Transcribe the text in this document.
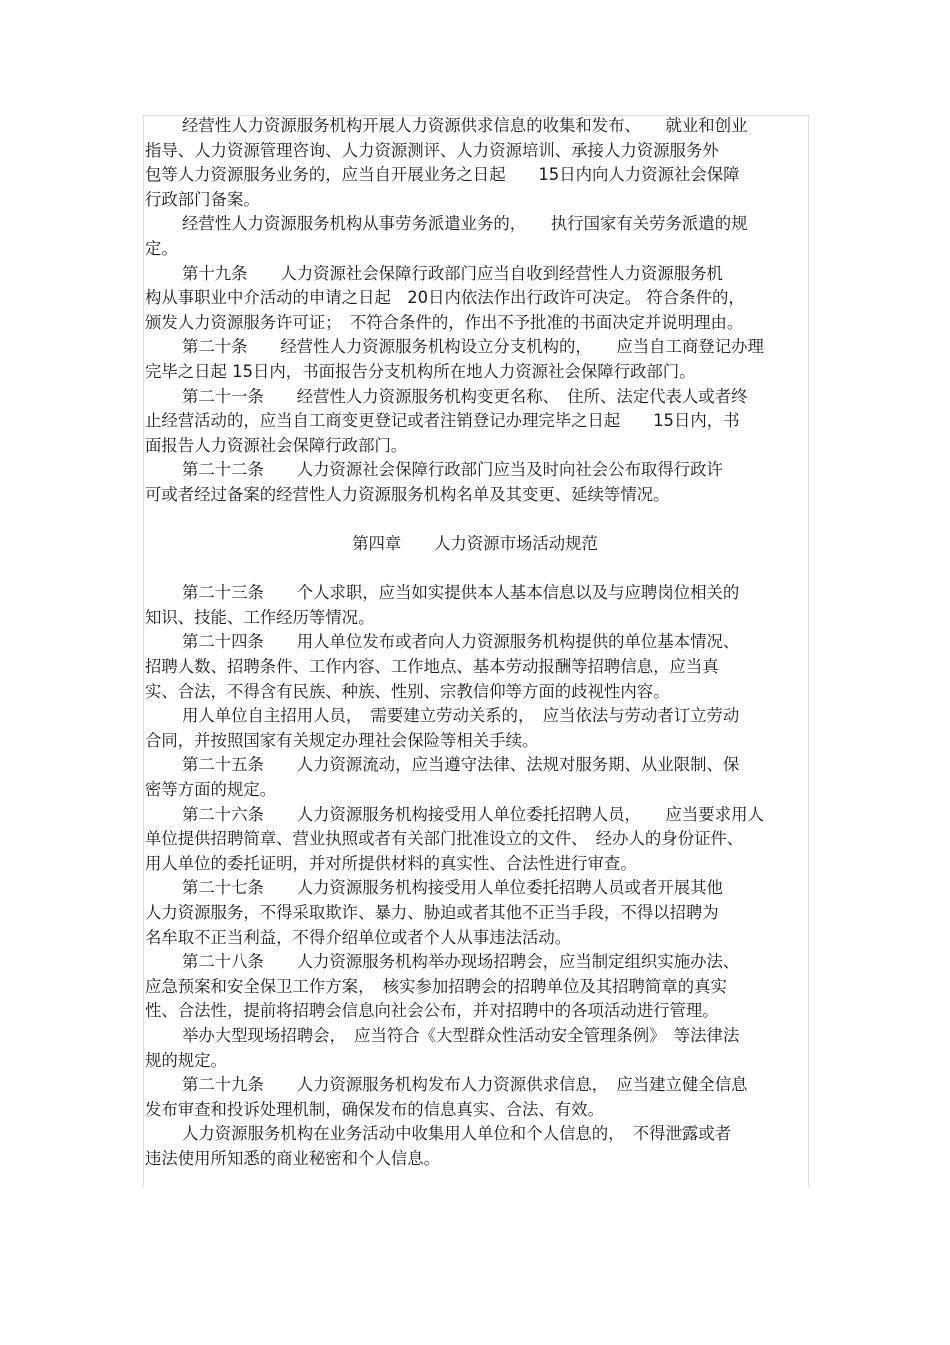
经营性人力资源服务机构开展人力资源供求信息的收集和发布、　　就业和创业
指导、人力资源管理咨询、人力资源测评、人力资源培训、承接人力资源服务外
包等人力资源服务业务的，应当自开展业务之日起　　15日内向人力资源社会保障
行政部门备案。
经营性人力资源服务机构从事劳务派遣业务的，　　执行国家有关劳务派遣的规
定。
第十九条　　人力资源社会保障行政部门应当自收到经营性人力资源服务机
构从事职业中介活动的申请之日起　20日内依法作出行政许可决定。 符合条件的，
颁发人力资源服务许可证；　不符合条件的，作出不予批准的书面决定并说明理由。
第二十条　　经营性人力资源服务机构设立分支机构的，　　应当自工商登记办理
完毕之日起 15日内，书面报告分支机构所在地人力资源社会保障行政部门。
第二十一条　　经营性人力资源服务机构变更名称、　住所、法定代表人或者终
止经营活动的，应当自工商变更登记或者注销登记办理完毕之日起　　15日内，书
面报告人力资源社会保障行政部门。
第二十二条　　人力资源社会保障行政部门应当及时向社会公布取得行政许
可或者经过备案的经营性人力资源服务机构名单及其变更、延续等情况。
第四章　　人力资源市场活动规范
第二十三条　　个人求职，应当如实提供本人基本信息以及与应聘岗位相关的
知识、技能、工作经历等情况。
第二十四条　　用人单位发布或者向人力资源服务机构提供的单位基本情况、
招聘人数、招聘条件、工作内容、工作地点、基本劳动报酬等招聘信息，应当真
实、合法，不得含有民族、种族、性别、宗教信仰等方面的歧视性内容。
用人单位自主招用人员，　需要建立劳动关系的，　应当依法与劳动者订立劳动
合同，并按照国家有关规定办理社会保险等相关手续。
第二十五条　　人力资源流动，应当遵守法律、法规对服务期、从业限制、保
密等方面的规定。
第二十六条　　人力资源服务机构接受用人单位委托招聘人员，　　应当要求用人
单位提供招聘简章、营业执照或者有关部门批准设立的文件、　经办人的身份证件、
用人单位的委托证明，并对所提供材料的真实性、合法性进行审查。
第二十七条　　人力资源服务机构接受用人单位委托招聘人员或者开展其他
人力资源服务，不得采取欺诈、暴力、胁迫或者其他不正当手段，不得以招聘为
名牟取不正当利益，不得介绍单位或者个人从事违法活动。
第二十八条　　人力资源服务机构举办现场招聘会，应当制定组织实施办法、
应急预案和安全保卫工作方案，　核实参加招聘会的招聘单位及其招聘简章的真实
性、合法性，提前将招聘会信息向社会公布，并对招聘中的各项活动进行管理。
举办大型现场招聘会，　应当符合《大型群众性活动安全管理条例》　等法律法
规的规定。
第二十九条　　人力资源服务机构发布人力资源供求信息，　应当建立健全信息
发布审查和投诉处理机制，确保发布的信息真实、合法、有效。
人力资源服务机构在业务活动中收集用人单位和个人信息的，　不得泄露或者
违法使用所知悉的商业秘密和个人信息。
